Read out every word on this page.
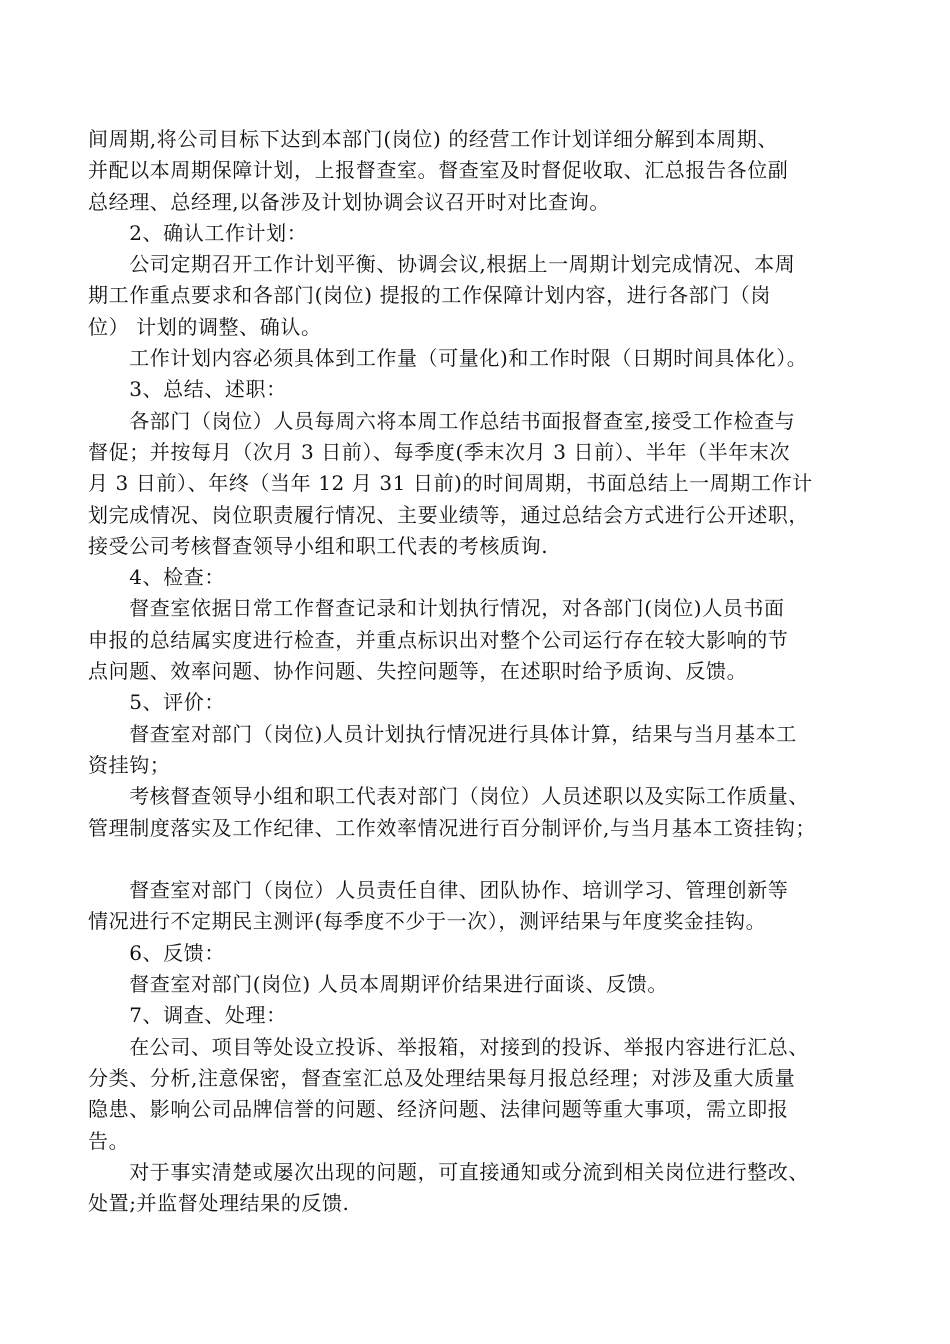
间周期,将公司目标下达到本部门(岗位) 的经营工作计划详细分解到本周期、

并配以本周期保障计划，上报督查室。督查室及时督促收取、汇总报告各位副

总经理、总经理,以备涉及计划协调会议召开时对比查询。

　　2、确认工作计划：

　　公司定期召开工作计划平衡、协调会议,根据上一周期计划完成情况、本周

期工作重点要求和各部门(岗位) 提报的工作保障计划内容，进行各部门（岗

位） 计划的调整、确认。

　　工作计划内容必须具体到工作量（可量化)和工作时限（日期时间具体化）。

　　3、总结、述职：

　　各部门（岗位）人员每周六将本周工作总结书面报督查室,接受工作检查与

督促；并按每月（次月 3 日前）、每季度(季末次月 3 日前）、半年（半年末次

月 3 日前）、年终（当年 12 月 31 日前)的时间周期，书面总结上一周期工作计

划完成情况、岗位职责履行情况、主要业绩等，通过总结会方式进行公开述职，

接受公司考核督查领导小组和职工代表的考核质询.

　　4、检查：

　　督查室依据日常工作督查记录和计划执行情况，对各部门(岗位)人员书面

申报的总结属实度进行检查，并重点标识出对整个公司运行存在较大影响的节

点问题、效率问题、协作问题、失控问题等，在述职时给予质询、反馈。

　　5、评价：

　　督查室对部门（岗位)人员计划执行情况进行具体计算，结果与当月基本工

资挂钩；

　　考核督查领导小组和职工代表对部门（岗位）人员述职以及实际工作质量、

管理制度落实及工作纪律、工作效率情况进行百分制评价,与当月基本工资挂钩；

　　督查室对部门（岗位）人员责任自律、团队协作、培训学习、管理创新等

情况进行不定期民主测评(每季度不少于一次），测评结果与年度奖金挂钩。

　　6、反馈：

　　督查室对部门(岗位) 人员本周期评价结果进行面谈、反馈。

　　7、调查、处理：

　　在公司、项目等处设立投诉、举报箱，对接到的投诉、举报内容进行汇总、

分类、分析,注意保密，督查室汇总及处理结果每月报总经理；对涉及重大质量

隐患、影响公司品牌信誉的问题、经济问题、法律问题等重大事项，需立即报

告。

　　对于事实清楚或屡次出现的问题，可直接通知或分流到相关岗位进行整改、

处置;并监督处理结果的反馈.
